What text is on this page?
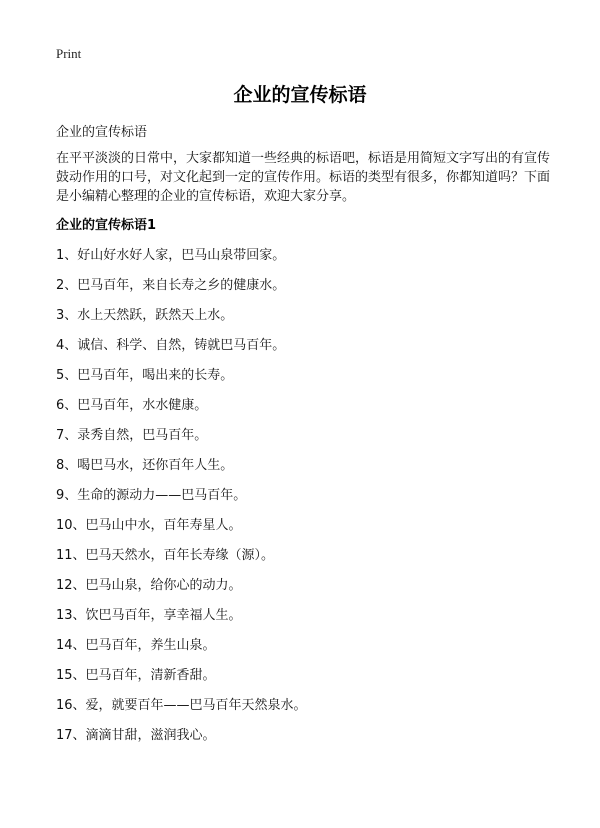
Print
企业的宣传标语
企业的宣传标语

在平平淡淡的日常中，大家都知道一些经典的标语吧，标语是用简短文字写出的有宣传鼓动作用的口号，对文化起到一定的宣传作用。标语的类型有很多，你都知道吗？下面是小编精心整理的企业的宣传标语，欢迎大家分享。

企业的宣传标语1
1、好山好水好人家，巴马山泉带回家。
2、巴马百年，来自长寿之乡的健康水。
3、水上天然跃，跃然天上水。
4、诚信、科学、自然，铸就巴马百年。
5、巴马百年，喝出来的长寿。
6、巴马百年，水水健康。
7、录秀自然，巴马百年。
8、喝巴马水，还你百年人生。
9、生命的源动力——巴马百年。
10、巴马山中水，百年寿星人。
11、巴马天然水，百年长寿缘（源）。
12、巴马山泉，给你心的动力。
13、饮巴马百年，享幸福人生。
14、巴马百年，养生山泉。
15、巴马百年，清新香甜。
16、爱，就要百年——巴马百年天然泉水。
17、滴滴甘甜，滋润我心。
